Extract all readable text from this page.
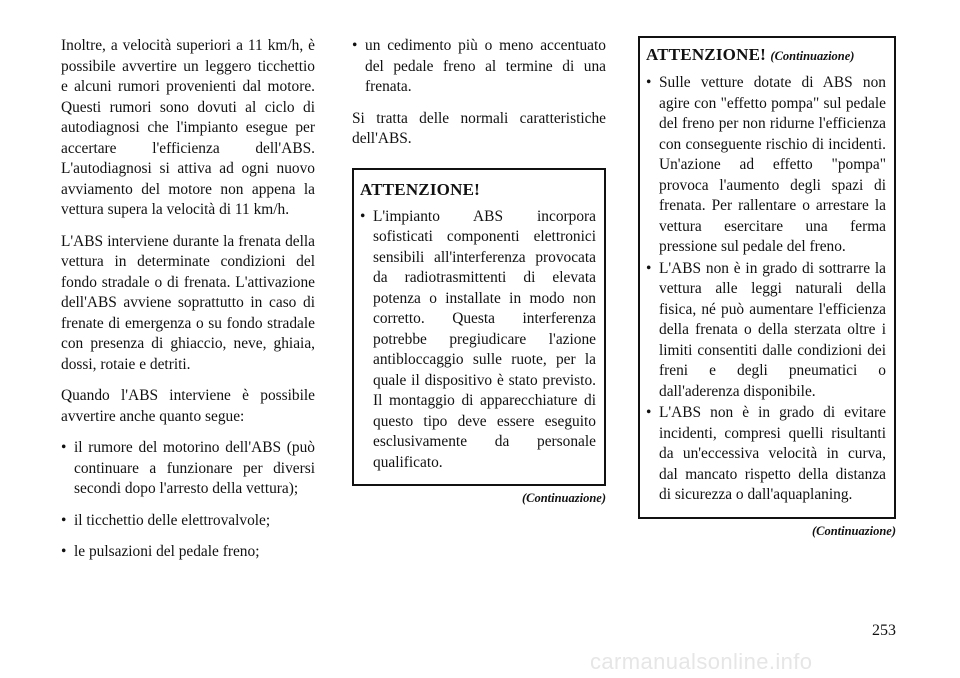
Inoltre, a velocità superiori a 11 km/h, è possibile avvertire un leggero ticchettio e alcuni rumori provenienti dal motore. Questi rumori sono dovuti al ciclo di autodiagnosi che l'impianto esegue per accertare l'efficienza dell'ABS. L'autodiagnosi si attiva ad ogni nuovo avviamento del motore non appena la vettura supera la velocità di 11 km/h.

L'ABS interviene durante la frenata della vettura in determinate condizioni del fondo stradale o di frenata. L'attivazione dell'ABS avviene soprattutto in caso di frenate di emergenza o su fondo stradale con presenza di ghiaccio, neve, ghiaia, dossi, rotaie e detriti.

Quando l'ABS interviene è possibile avvertire anche quanto segue:

• il rumore del motorino dell'ABS (può continuare a funzionare per diversi secondi dopo l'arresto della vettura);
• il ticchettio delle elettrovalvole;
• le pulsazioni del pedale freno;
• un cedimento più o meno accentuato del pedale freno al termine di una frenata.

Si tratta delle normali caratteristiche dell'ABS.

ATTENZIONE!
• L'impianto ABS incorpora sofisticati componenti elettronici sensibili all'interferenza provocata da radiotrasmittenti di elevata potenza o installate in modo non corretto. Questa interferenza potrebbe pregiudicare l'azione antibloccaggio sulle ruote, per la quale il dispositivo è stato previsto. Il montaggio di apparecchiature di questo tipo deve essere eseguito esclusivamente da personale qualificato.
(Continuazione)
ATTENZIONE! (Continuazione)
• Sulle vetture dotate di ABS non agire con "effetto pompa" sul pedale del freno per non ridurne l'efficienza con conseguente rischio di incidenti. Un'azione ad effetto "pompa" provoca l'aumento degli spazi di frenata. Per rallentare o arrestare la vettura esercitare una ferma pressione sul pedale del freno.
• L'ABS non è in grado di sottrarre la vettura alle leggi naturali della fisica, né può aumentare l'efficienza della frenata o della sterzata oltre i limiti consentiti dalle condizioni dei freni e degli pneumatici o dall'aderenza disponibile.
• L'ABS non è in grado di evitare incidenti, compresi quelli risultanti da un'eccessiva velocità in curva, dal mancato rispetto della distanza di sicurezza o dall'aquaplaning.
(Continuazione)
253
carmanualsonline.info
